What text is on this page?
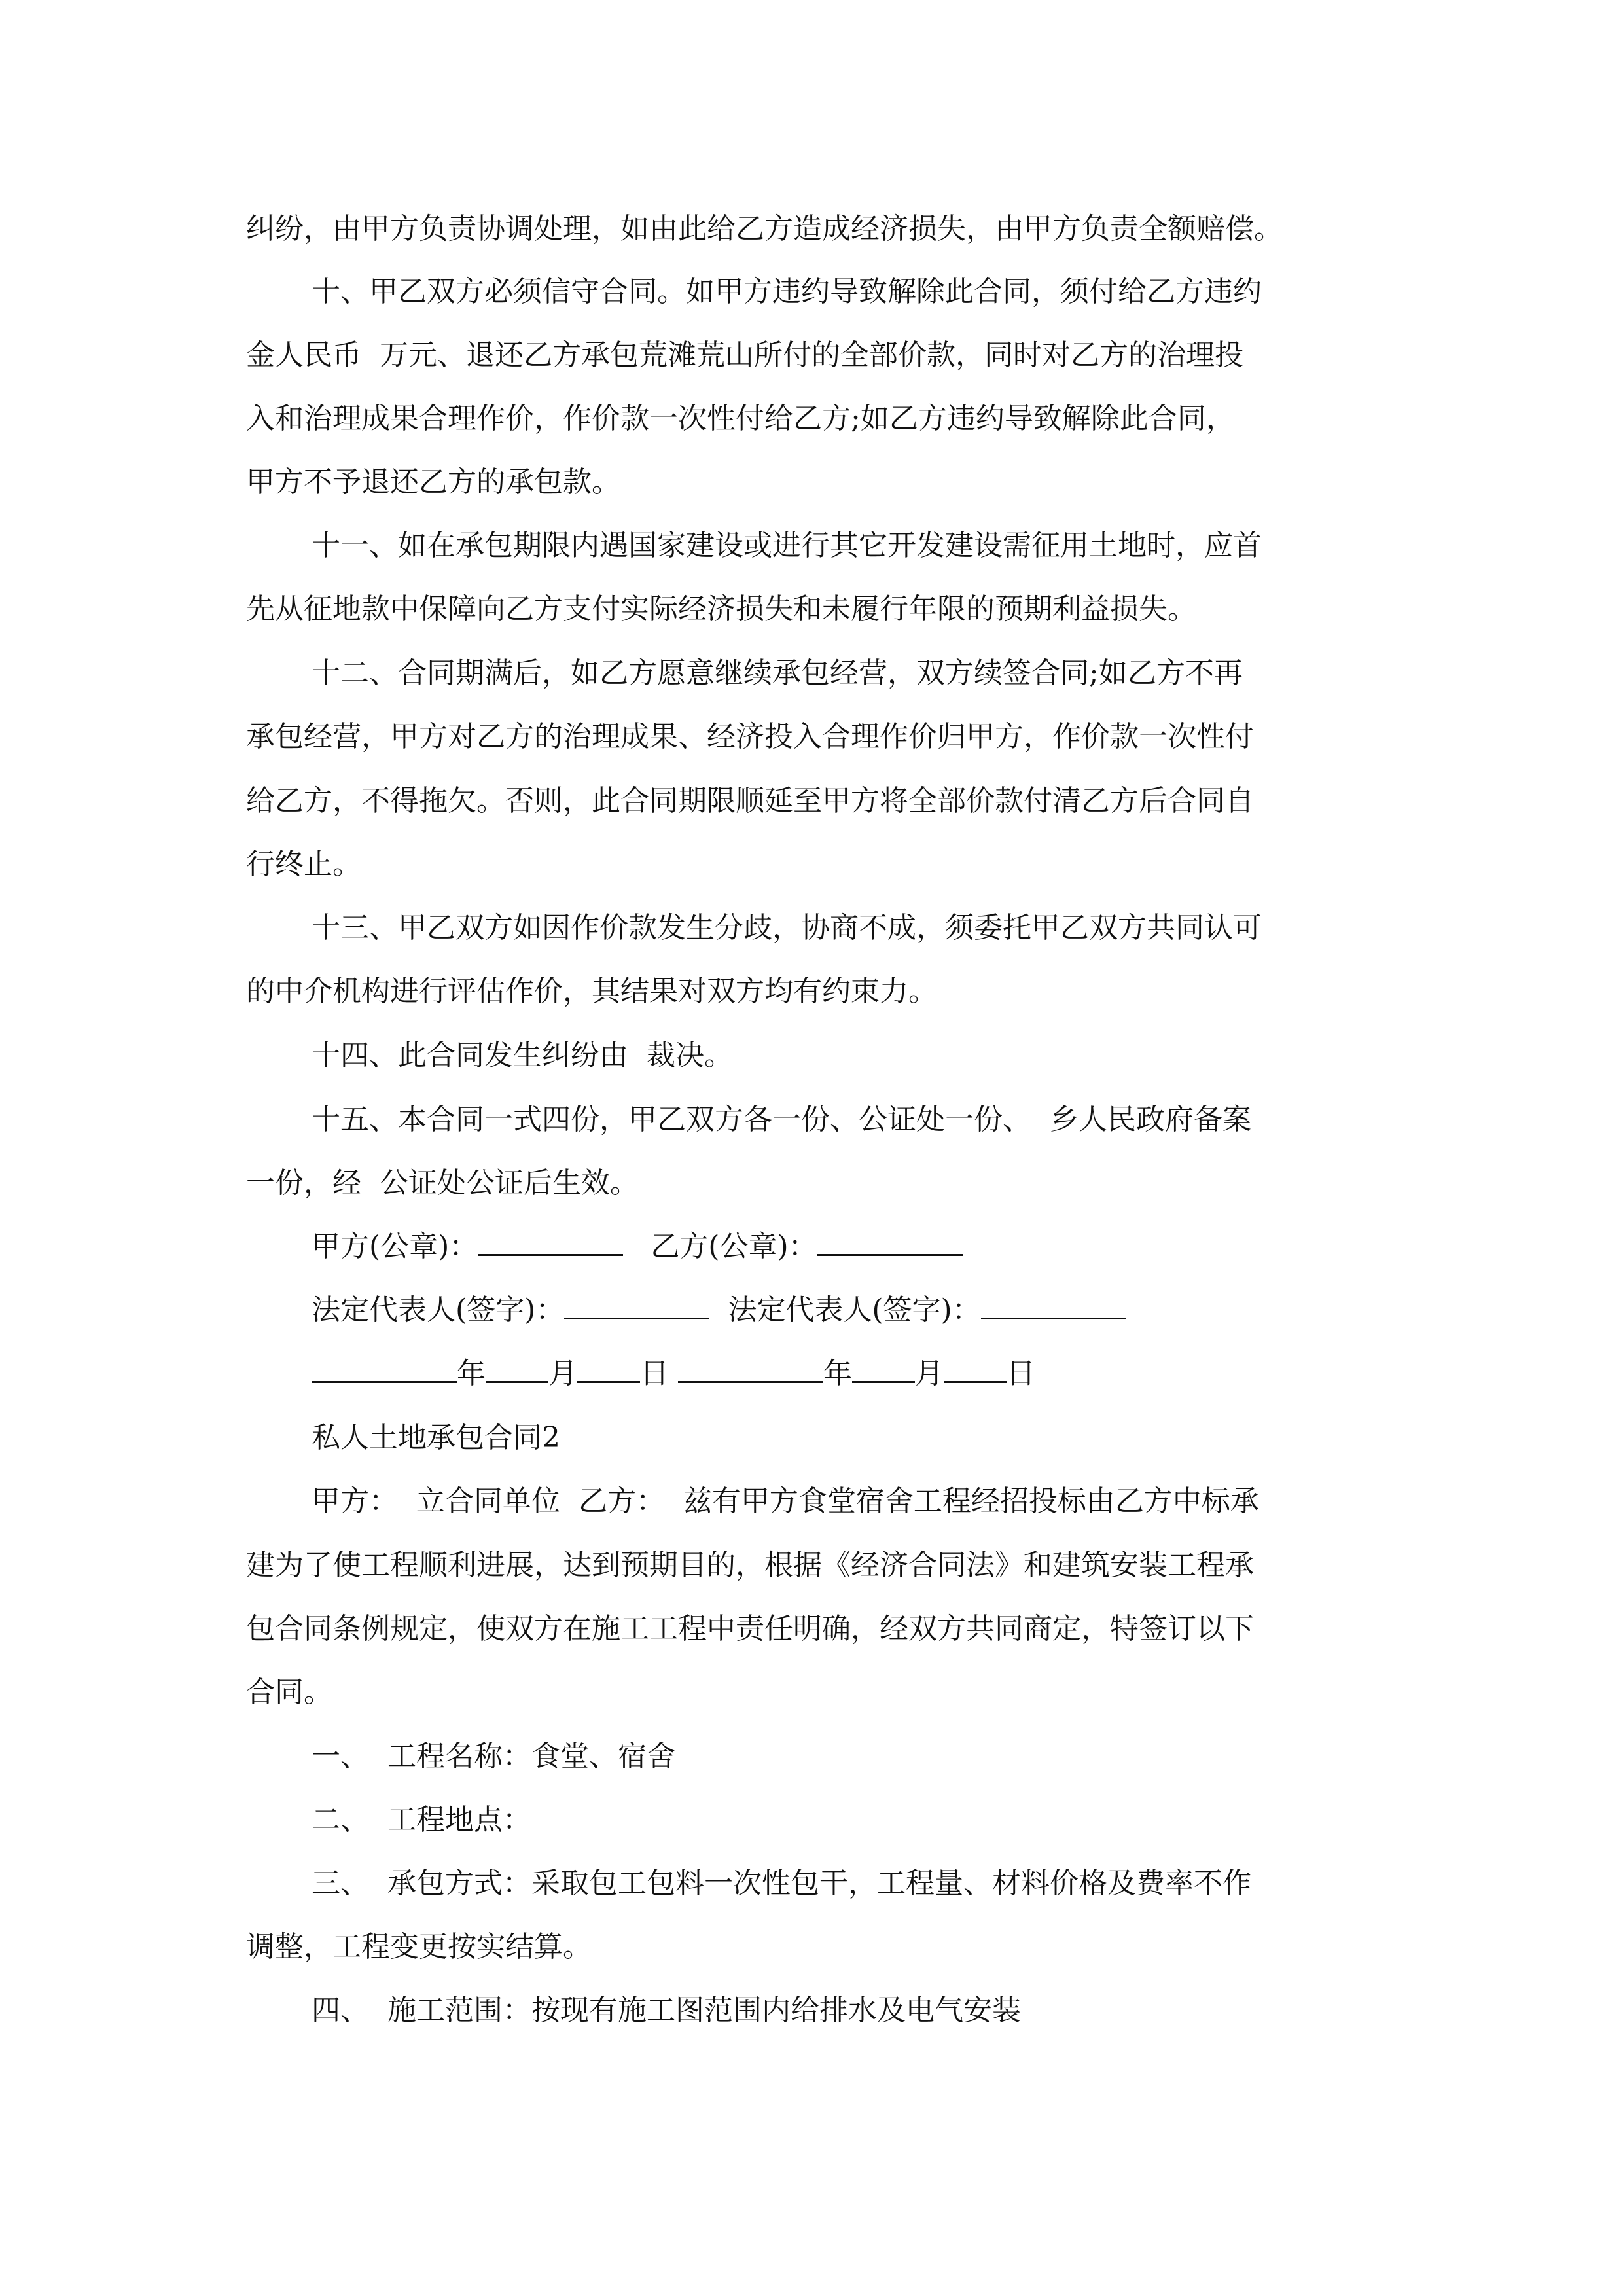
纠纷，由甲方负责协调处理，如由此给乙方造成经济损失，由甲方负责全额赔偿。
十、甲乙双方必须信守合同。如甲方违约导致解除此合同，须付给乙方违约
金人民币  万元、退还乙方承包荒滩荒山所付的全部价款，同时对乙方的治理投
入和治理成果合理作价，作价款一次性付给乙方;如乙方违约导致解除此合同，
甲方不予退还乙方的承包款。
十一、如在承包期限内遇国家建设或进行其它开发建设需征用土地时，应首
先从征地款中保障向乙方支付实际经济损失和未履行年限的预期利益损失。
十二、合同期满后，如乙方愿意继续承包经营，双方续签合同;如乙方不再
承包经营，甲方对乙方的治理成果、经济投入合理作价归甲方，作价款一次性付
给乙方，不得拖欠。否则，此合同期限顺延至甲方将全部价款付清乙方后合同自
行终止。
十三、甲乙双方如因作价款发生分歧，协商不成，须委托甲乙双方共同认可
的中介机构进行评估作价，其结果对双方均有约束力。
十四、此合同发生纠纷由  裁决。
十五、本合同一式四份，甲乙双方各一份、公证处一份、  乡人民政府备案
一份，经  公证处公证后生效。
甲方(公章)：	乙方(公章)：
法定代表人(签字)：	法定代表人(签字)：
年 月 日	年 月 日
私人土地承包合同2
甲方：  立合同单位  乙方：  兹有甲方食堂宿舍工程经招投标由乙方中标承
建为了使工程顺利进展，达到预期目的，根据《经济合同法》和建筑安装工程承
包合同条例规定，使双方在施工工程中责任明确，经双方共同商定，特签订以下
合同。
一、  工程名称：食堂、宿舍
二、  工程地点：
三、  承包方式：采取包工包料一次性包干，工程量、材料价格及费率不作
调整，工程变更按实结算。
四、  施工范围：按现有施工图范围内给排水及电气安装
